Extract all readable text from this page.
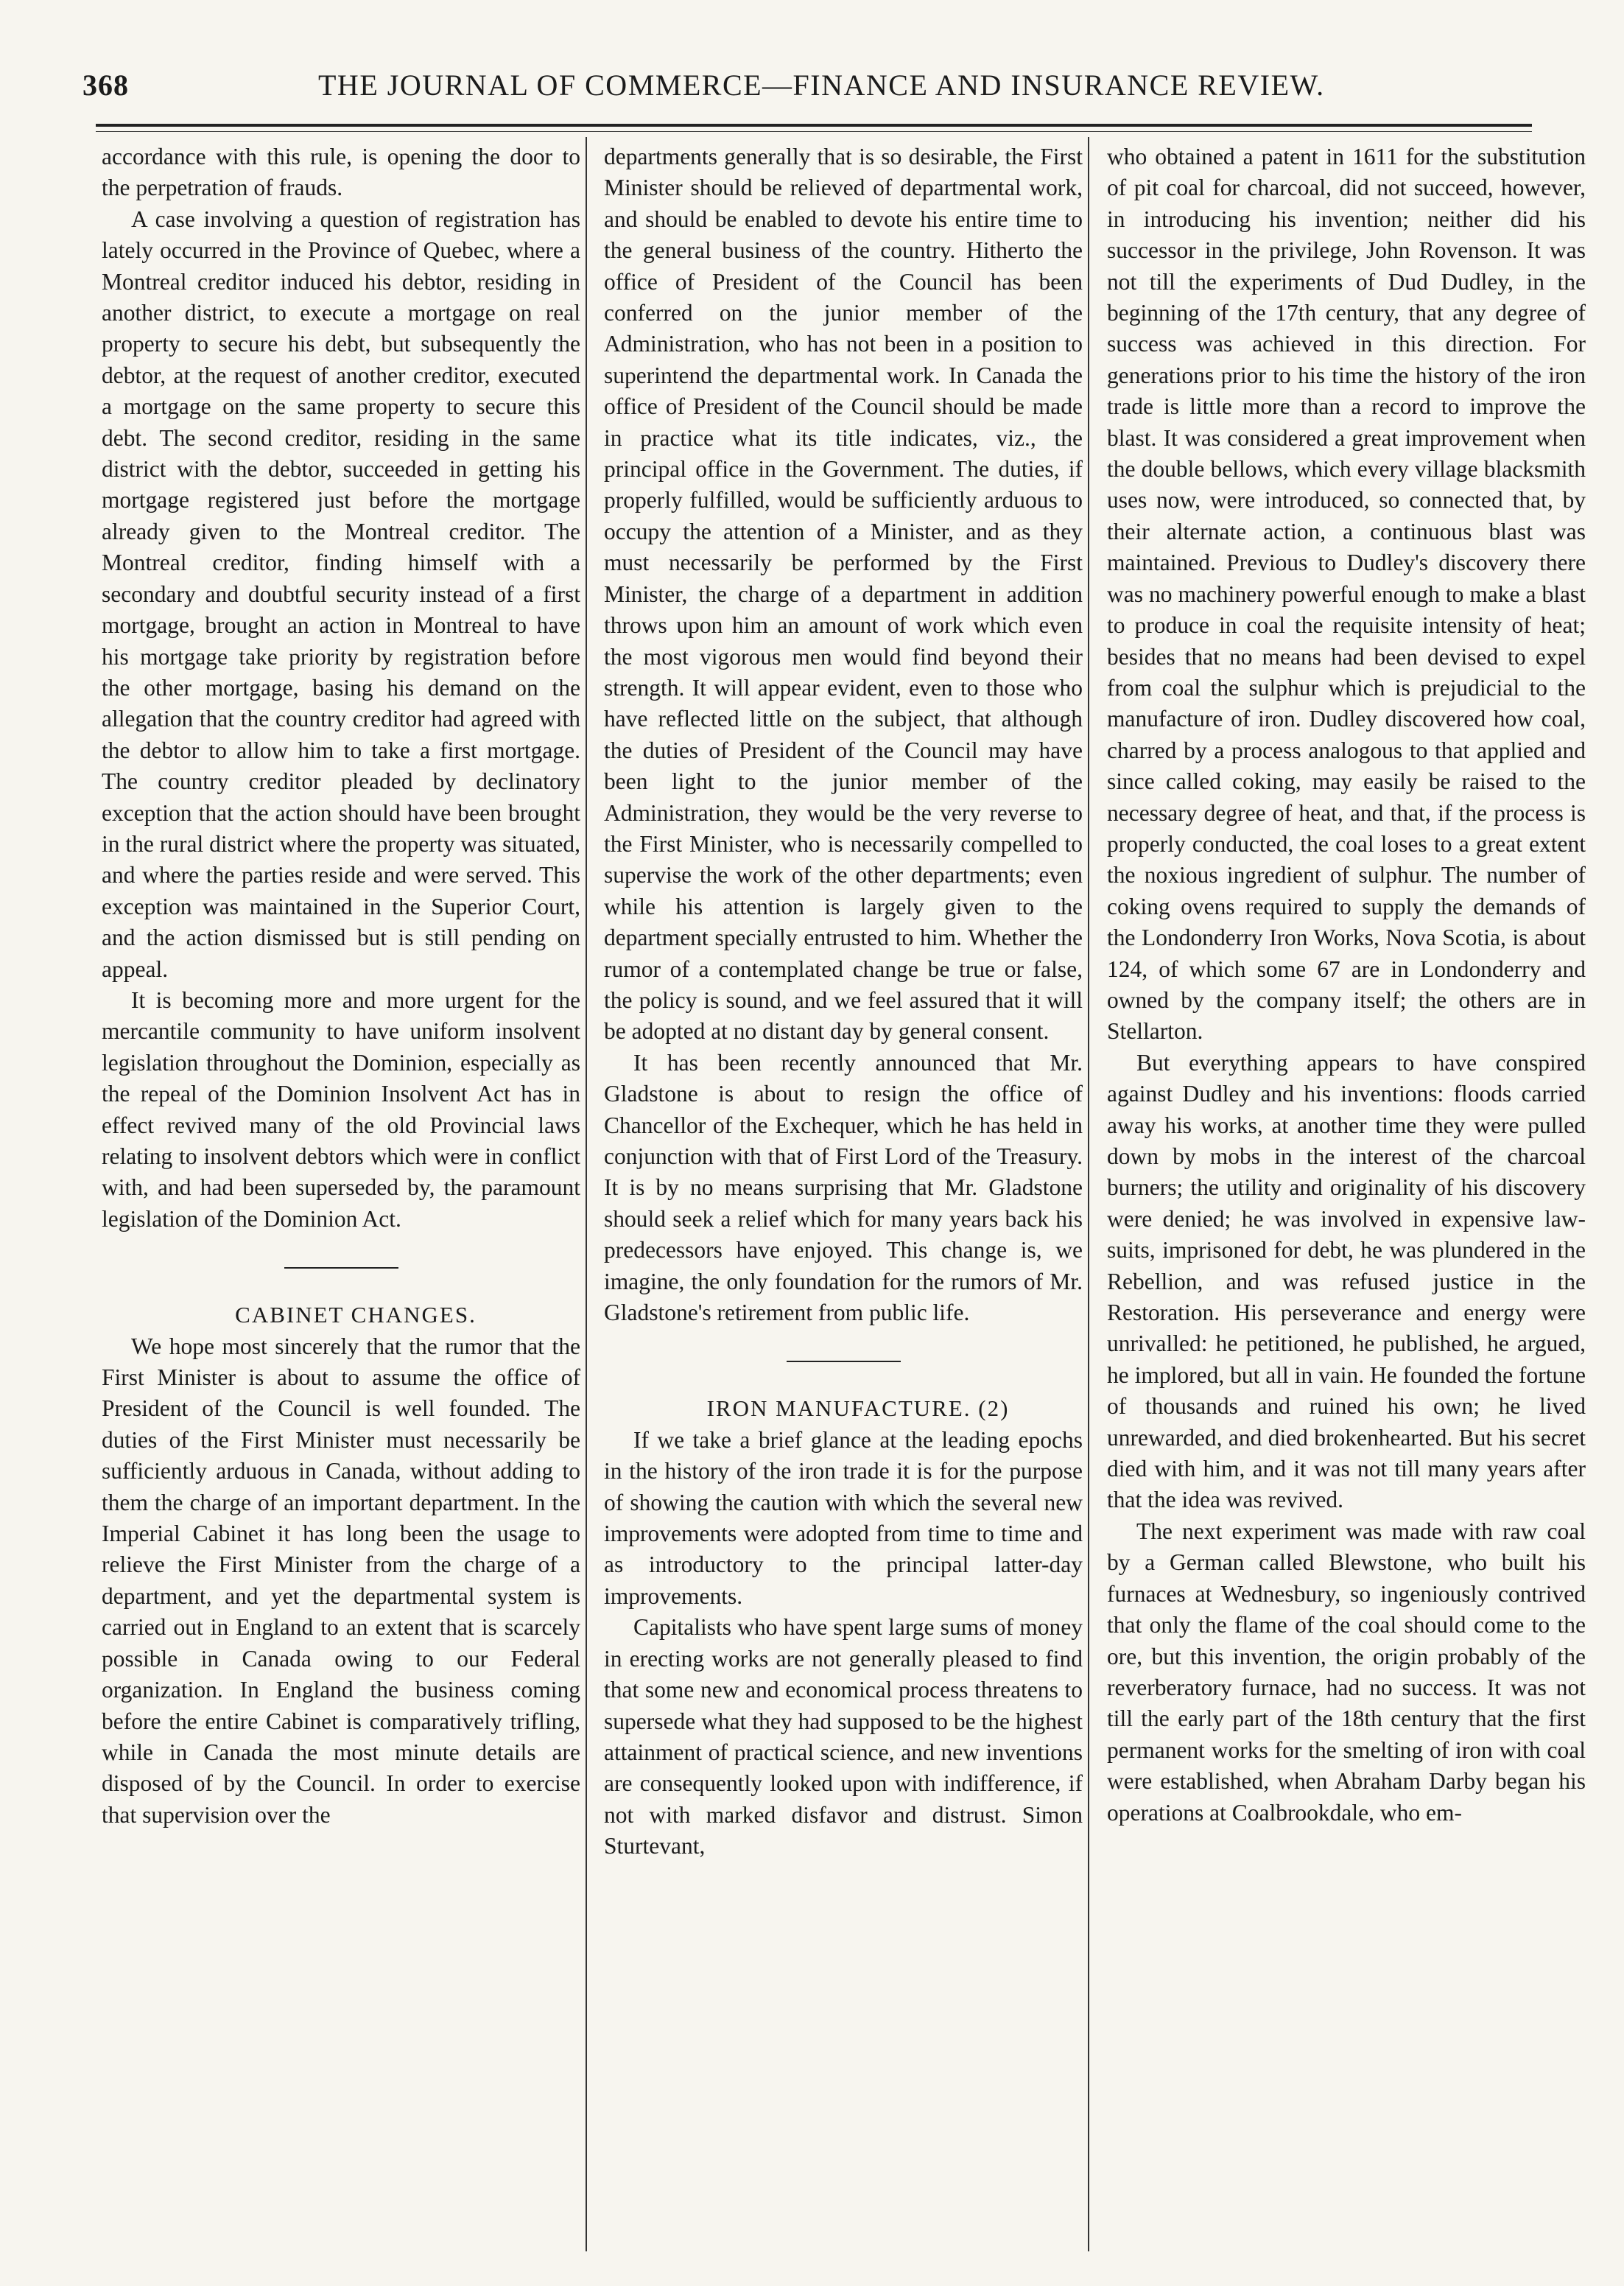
368	THE JOURNAL OF COMMERCE—FINANCE AND INSURANCE REVIEW.

accordance with this rule, is opening the door to the perpetration of frauds.

A case involving a question of registration has lately occurred in the Province of Quebec, where a Montreal creditor induced his debtor, residing in another district, to execute a mortgage on real property to secure his debt, but subsequently the debtor, at the request of another creditor, executed a mortgage on the same property to secure this debt. The second creditor, residing in the same district with the debtor, succeeded in getting his mortgage registered just before the mortgage already given to the Montreal creditor. The Montreal creditor, finding himself with a secondary and doubtful security instead of a first mortgage, brought an action in Montreal to have his mortgage take priority by registration before the other mortgage, basing his demand on the allegation that the country creditor had agreed with the debtor to allow him to take a first mortgage. The country creditor pleaded by declinatory exception that the action should have been brought in the rural district where the property was situated, and where the parties reside and were served. This exception was maintained in the Superior Court, and the action dismissed but is still pending on appeal.

It is becoming more and more urgent for the mercantile community to have uniform insolvent legislation throughout the Dominion, especially as the repeal of the Dominion Insolvent Act has in effect revived many of the old Provincial laws relating to insolvent debtors which were in conflict with, and had been superseded by, the paramount legislation of the Dominion Act.

CABINET CHANGES.

We hope most sincerely that the rumor that the First Minister is about to assume the office of President of the Council is well founded. The duties of the First Minister must necessarily be sufficiently arduous in Canada, without adding to them the charge of an important department. In the Imperial Cabinet it has long been the usage to relieve the First Minister from the charge of a department, and yet the departmental system is carried out in England to an extent that is scarcely possible in Canada owing to our Federal organization. In England the business coming before the entire Cabinet is comparatively trifling, while in Canada the most minute details are disposed of by the Council. In order to exercise that supervision over the

departments generally that is so desirable, the First Minister should be relieved of departmental work, and should be enabled to devote his entire time to the general business of the country. Hitherto the office of President of the Council has been conferred on the junior member of the Administration, who has not been in a position to superintend the departmental work. In Canada the office of President of the Council should be made in practice what its title indicates, viz., the principal office in the Government. The duties, if properly fulfilled, would be sufficiently arduous to occupy the attention of a Minister, and as they must necessarily be performed by the First Minister, the charge of a department in addition throws upon him an amount of work which even the most vigorous men would find beyond their strength. It will appear evident, even to those who have reflected little on the subject, that although the duties of President of the Council may have been light to the junior member of the Administration, they would be the very reverse to the First Minister, who is necessarily compelled to supervise the work of the other departments; even while his attention is largely given to the department specially entrusted to him. Whether the rumor of a contemplated change be true or false, the policy is sound, and we feel assured that it will be adopted at no distant day by general consent.

It has been recently announced that Mr. Gladstone is about to resign the office of Chancellor of the Exchequer, which he has held in conjunction with that of First Lord of the Treasury. It is by no means surprising that Mr. Gladstone should seek a relief which for many years back his predecessors have enjoyed. This change is, we imagine, the only foundation for the rumors of Mr. Gladstone's retirement from public life.

IRON MANUFACTURE. (2)

If we take a brief glance at the leading epochs in the history of the iron trade it is for the purpose of showing the caution with which the several new improvements were adopted from time to time and as introductory to the principal latter-day improvements.

Capitalists who have spent large sums of money in erecting works are not generally pleased to find that some new and economical process threatens to supersede what they had supposed to be the highest attainment of practical science, and new inventions are consequently looked upon with indifference, if not with marked disfavor and distrust. Simon Sturtevant,

who obtained a patent in 1611 for the substitution of pit coal for charcoal, did not succeed, however, in introducing his invention; neither did his successor in the privilege, John Rovenson. It was not till the experiments of Dud Dudley, in the beginning of the 17th century, that any degree of success was achieved in this direction. For generations prior to his time the history of the iron trade is little more than a record to improve the blast. It was considered a great improvement when the double bellows, which every village blacksmith uses now, were introduced, so connected that, by their alternate action, a continuous blast was maintained. Previous to Dudley's discovery there was no machinery powerful enough to make a blast to produce in coal the requisite intensity of heat; besides that no means had been devised to expel from coal the sulphur which is prejudicial to the manufacture of iron. Dudley discovered how coal, charred by a process analogous to that applied and since called coking, may easily be raised to the necessary degree of heat, and that, if the process is properly conducted, the coal loses to a great extent the noxious ingredient of sulphur. The number of coking ovens required to supply the demands of the Londonderry Iron Works, Nova Scotia, is about 124, of which some 67 are in Londonderry and owned by the company itself; the others are in Stellarton.

But everything appears to have conspired against Dudley and his inventions: floods carried away his works, at another time they were pulled down by mobs in the interest of the charcoal burners; the utility and originality of his discovery were denied; he was involved in expensive law-suits, imprisoned for debt, he was plundered in the Rebellion, and was refused justice in the Restoration. His perseverance and energy were unrivalled: he petitioned, he published, he argued, he implored, but all in vain. He founded the fortune of thousands and ruined his own; he lived unrewarded, and died brokenhearted. But his secret died with him, and it was not till many years after that the idea was revived.

The next experiment was made with raw coal by a German called Blewstone, who built his furnaces at Wednesbury, so ingeniously contrived that only the flame of the coal should come to the ore, but this invention, the origin probably of the reverberatory furnace, had no success. It was not till the early part of the 18th century that the first permanent works for the smelting of iron with coal were established, when Abraham Darby began his operations at Coalbrookdale, who em-
